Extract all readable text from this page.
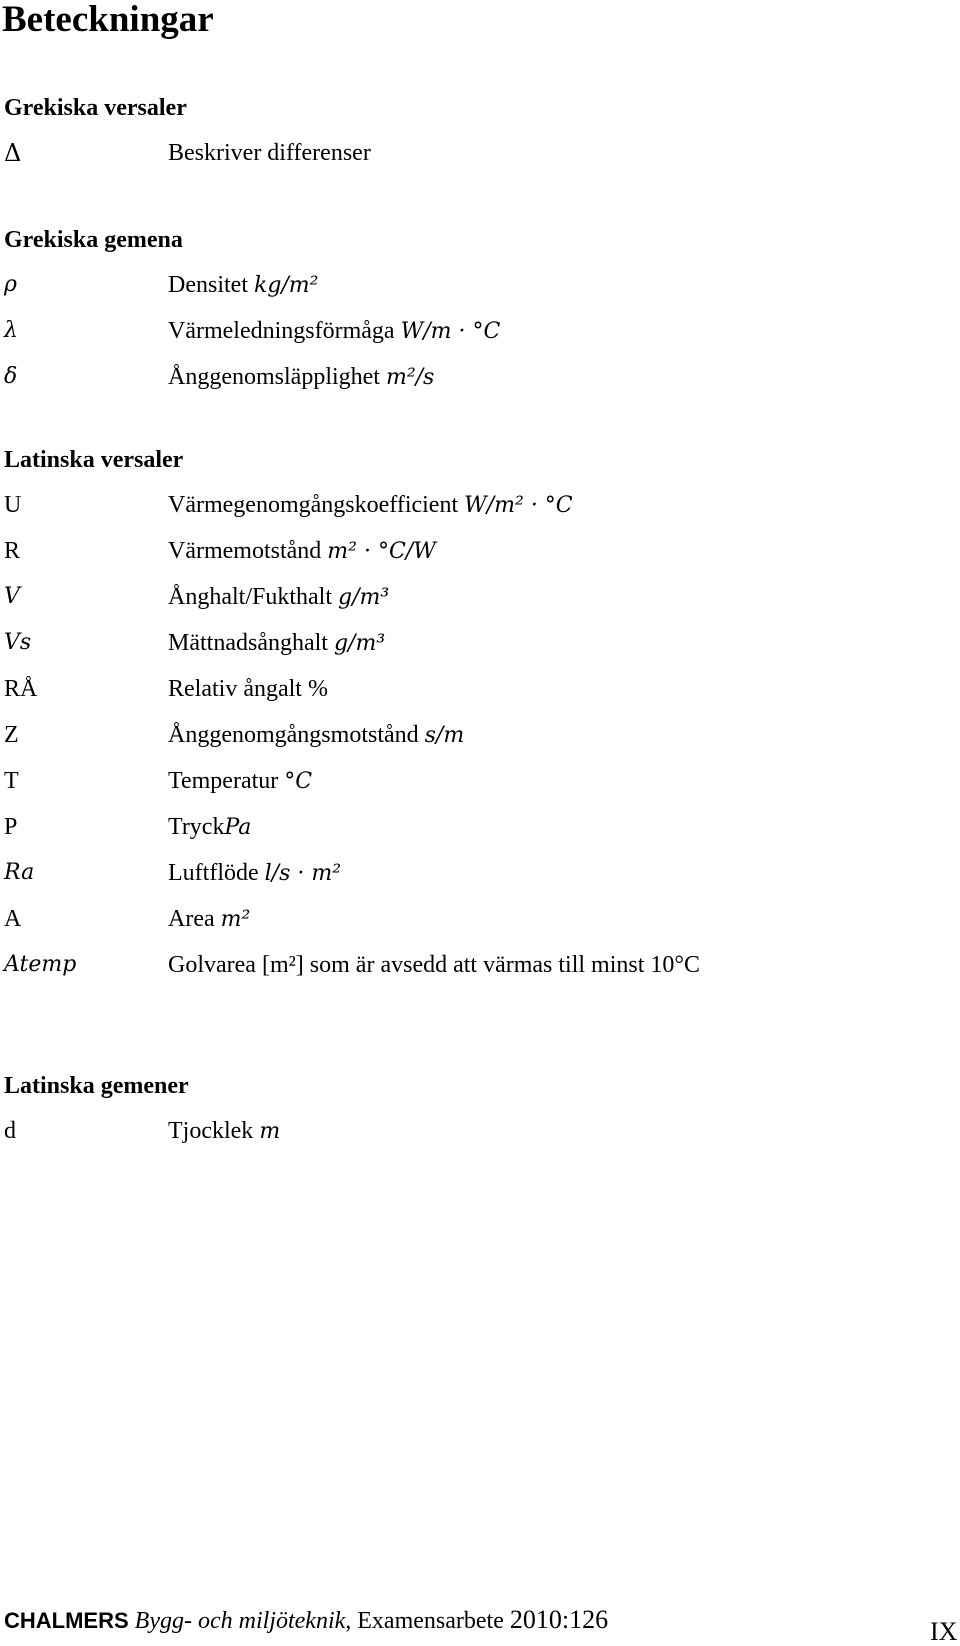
Beteckningar
Grekiska versaler
Δ	Beskriver differenser
Grekiska gemena
ρ	Densitet kg/m²
λ	Värmeledningsförmåga W/m · °C
δ	Ånggenomsläpplighet m²/s
Latinska versaler
U	Värmegenomgångskoefficient W/m² · °C
R	Värmemotstånd m² · °C/W
V	Ånghalt/Fukthalt g/m³
Vs	Mättnadsånghalt g/m³
RÅ	Relativ ångalt %
Z	Ånggenomgångsmotstånd s/m
T	Temperatur °C
P	TryckPa
Ra	Luftflöde l/s · m²
A	Area m²
Atemp	Golvarea [m²] som är avsedd att värmas till minst 10°C
Latinska gemener
d	Tjocklek m
CHALMERS Bygg- och miljöteknik, Examensarbete 2010:126	IX
